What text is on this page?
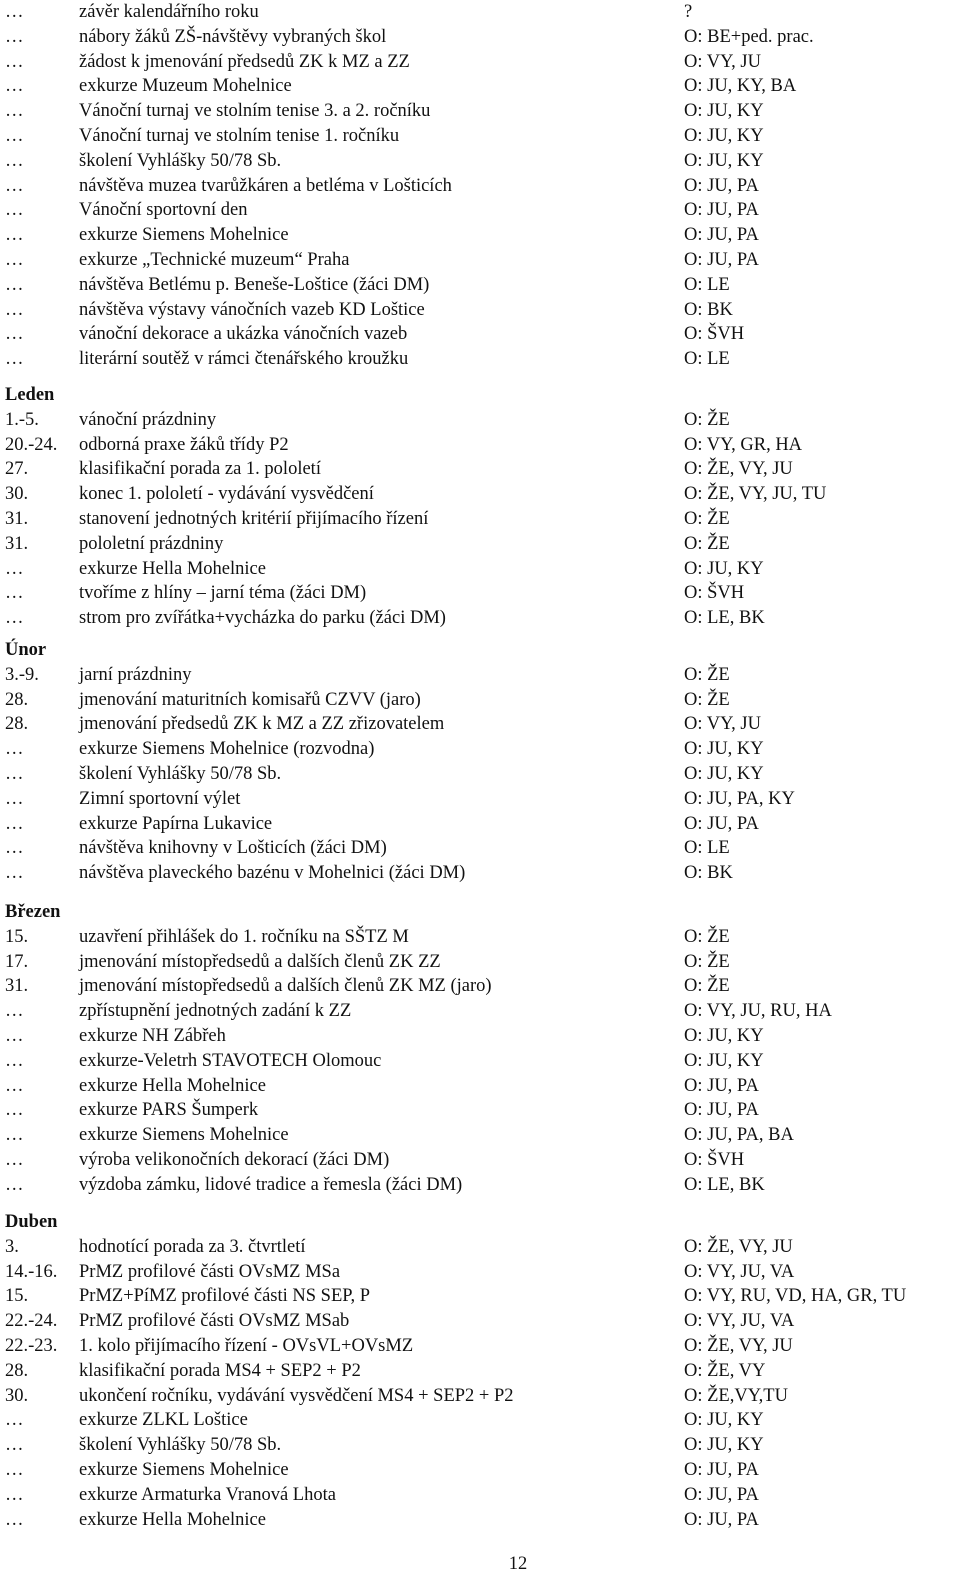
…	závěr kalendářního roku	?
…	nábory žáků ZŠ-návštěvy vybraných škol	O: BE+ped. prac.
…	žádost k jmenování předsedů ZK k MZ a ZZ	O: VY, JU
…	exkurze Muzeum Mohelnice	O: JU, KY, BA
…	Vánoční turnaj ve stolním tenise 3. a 2. ročníku	O: JU, KY
…	Vánoční turnaj ve stolním tenise 1. ročníku	O: JU, KY
…	školení Vyhlášky 50/78 Sb.	O: JU, KY
…	návštěva muzea tvarůžkáren a betléma v Lošticích	O: JU, PA
…	Vánoční sportovní den	O: JU, PA
…	exkurze Siemens Mohelnice	O: JU, PA
…	exkurze „Technické muzeum“ Praha	O: JU, PA
…	návštěva Betlému p. Beneše-Loštice (žáci DM)	O: LE
…	návštěva výstavy vánočních vazeb KD Loštice	O: BK
…	vánoční dekorace a ukázka vánočních vazeb	O: ŠVH
…	literární soutěž v rámci čtenářského kroužku	O: LE
Leden
1.-5. vánoční prázdniny	O: ŽE
20.-24. odborná praxe žáků třídy P2	O: VY, GR, HA
27.	klasifikační porada za 1. pololetí	O: ŽE, VY, JU
30.	konec 1. pololetí - vydávání vysvědčení	O: ŽE, VY, JU, TU
31.	stanovení jednotných kritérií přijímacího řízení	O: ŽE
31.	pololetní prázdniny	O: ŽE
…	exkurze Hella Mohelnice	O: JU, KY
…	tvoříme z hlíny – jarní téma (žáci DM)	O: ŠVH
…	strom pro zvířátka+vycházka do parku (žáci DM)	O: LE, BK
Únor
3.-9. jarní prázdniny	O: ŽE
28.	jmenování maturitních komisařů CZVV (jaro)	O: ŽE
28.	jmenování předsedů ZK k MZ a ZZ zřizovatelem	O: VY, JU
…	exkurze Siemens Mohelnice (rozvodna)	O: JU, KY
…	školení Vyhlášky 50/78 Sb.	O: JU, KY
…	Zimní sportovní výlet	O: JU, PA, KY
…	exkurze Papírna Lukavice	O: JU, PA
…	návštěva knihovny v Lošticích (žáci DM)	O: LE
…	návštěva plaveckého bazénu v Mohelnici (žáci DM)	O: BK
Březen
15.	uzavření přihlášek do 1. ročníku na SŠTZ M	O: ŽE
17.	jmenování místopředsedů a dalších členů ZK ZZ	O: ŽE
31.	jmenování místopředsedů a dalších členů ZK MZ (jaro)	O: ŽE
…	zpřístupnění jednotných zadání k ZZ	O: VY, JU, RU, HA
…	exkurze NH Zábřeh	O: JU, KY
…	exkurze-Veletrh STAVOTECH Olomouc	O: JU, KY
…	exkurze Hella Mohelnice	O: JU, PA
…	exkurze PARS Šumperk	O: JU, PA
…	exkurze Siemens Mohelnice	O: JU, PA, BA
…	výroba velikonočních dekorací (žáci DM)	O: ŠVH
…	výzdoba zámku, lidové tradice a řemesla (žáci DM)	O: LE, BK
Duben
3.	hodnotící porada za 3. čtvrtletí	O: ŽE, VY, JU
14.-16. PrMZ profilové části OVsMZ MSa	O: VY, JU, VA
15.	PrMZ+PíMZ profilové části NS SEP, P	O: VY, RU, VD, HA, GR, TU
22.-24. PrMZ profilové části OVsMZ MSab	O: VY, JU, VA
22.-23. 1. kolo přijímacího řízení - OVsVL+OVsMZ	O: ŽE, VY, JU
28.	klasifikační porada MS4 + SEP2 + P2	O: ŽE, VY
30.	ukončení ročníku, vydávání vysvědčení MS4 + SEP2 + P2	O: ŽE,VY,TU
…	exkurze ZLKL Loštice	O: JU, KY
…	školení Vyhlášky 50/78 Sb.	O: JU, KY
…	exkurze Siemens Mohelnice	O: JU, PA
…	exkurze Armaturka Vranová Lhota	O: JU, PA
…	exkurze Hella Mohelnice	O: JU, PA
12
